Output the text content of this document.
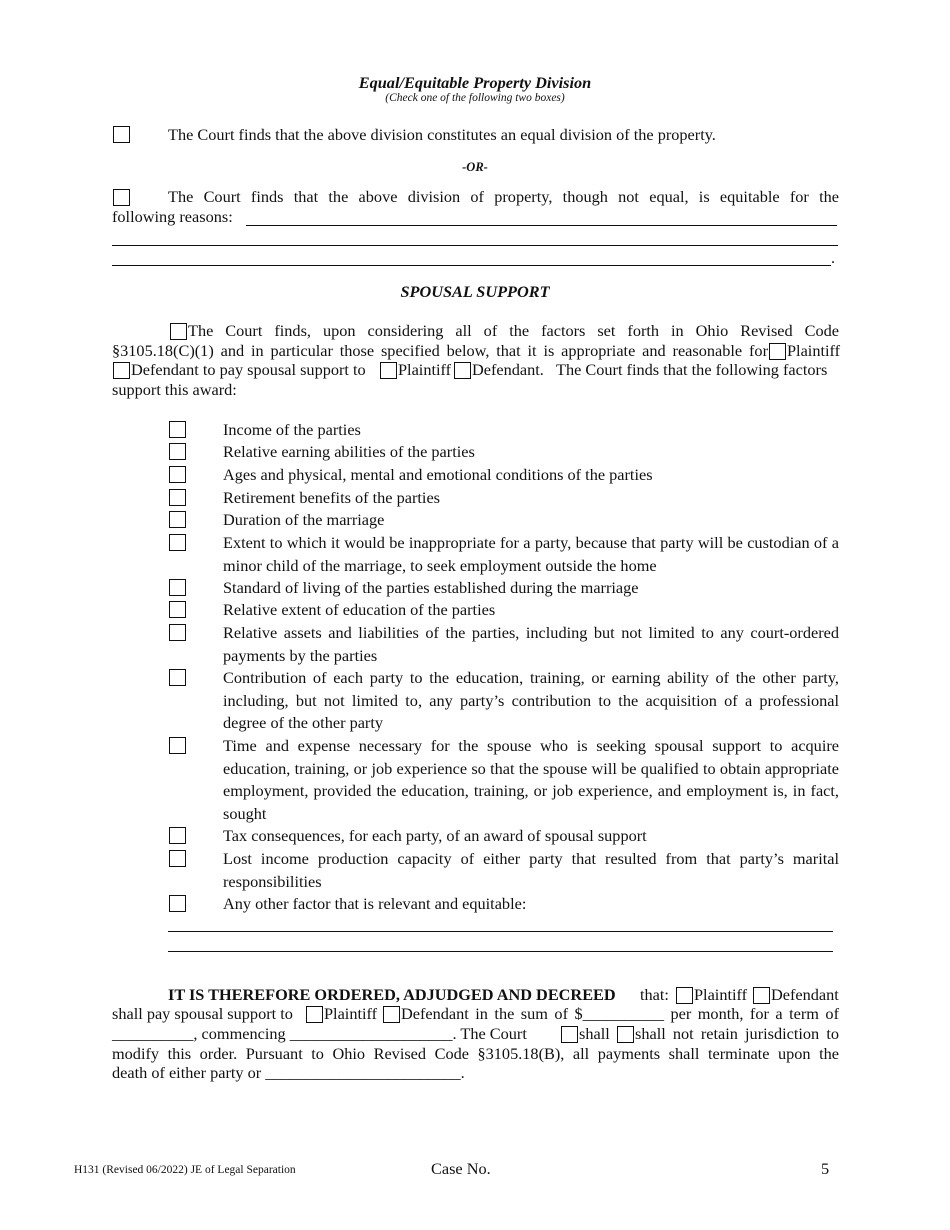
Equal/Equitable Property Division
(Check one of the following two boxes)
The Court finds that the above division constitutes an equal division of the property.
-OR-
The Court finds that the above division of property, though not equal, is equitable for the
following reasons:
.
SPOUSAL SUPPORT
The Court finds, upon considering all of the factors set forth in Ohio Revised Code
§3105.18(C)(1) and in particular those specified below, that it is appropriate and reasonable for Plaintiff
Defendant to pay spousal support to Plaintiff Defendant. The Court finds that the following factors
support this award:
Income of the parties
Relative earning abilities of the parties
Ages and physical, mental and emotional conditions of the parties
Retirement benefits of the parties
Duration of the marriage
Extent to which it would be inappropriate for a party, because that party will be custodian of a minor child of the marriage, to seek employment outside the home
Standard of living of the parties established during the marriage
Relative extent of education of the parties
Relative assets and liabilities of the parties, including but not limited to any court-ordered payments by the parties
Contribution of each party to the education, training, or earning ability of the other party, including, but not limited to, any party’s contribution to the acquisition of a professional degree of the other party
Time and expense necessary for the spouse who is seeking spousal support to acquire education, training, or job experience so that the spouse will be qualified to obtain appropriate employment, provided the education, training, or job experience, and employment is, in fact, sought
Tax consequences, for each party, of an award of spousal support
Lost income production capacity of either party that resulted from that party’s marital responsibilities
Any other factor that is relevant and equitable:
IT IS THEREFORE ORDERED, ADJUDGED AND DECREED that: Plaintiff Defendant
shall pay spousal support to Plaintiff Defendant in the sum of $__________ per month, for a term of
__________, commencing ____________________. The Court	shall shall not retain jurisdiction to
modify this order. Pursuant to Ohio Revised Code §3105.18(B), all payments shall terminate upon the
death of either party or ________________________.
H131 (Revised 06/2022) JE of Legal Separation	Case No.	5
